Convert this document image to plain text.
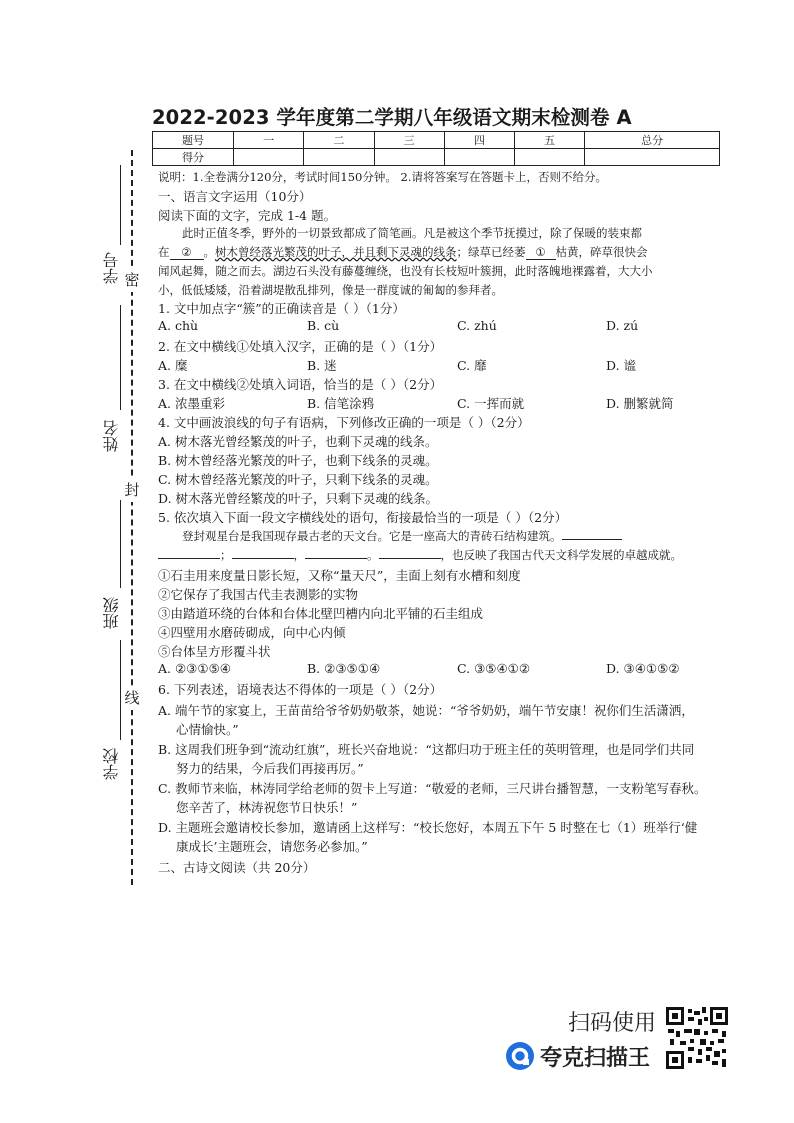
密
封
线
学号
姓名
班级
学校
2022-2023 学年度第二学期八年级语文期末检测卷 A
题号	一	二	三	四	五	总分
得分						
说明：1.全卷满分120分，考试时间150分钟。 2.请将答案写在答题卡上，否则不给分。
一、语言文字运用（10分）
阅读下面的文字，完成 1-4 题。
此时正值冬季，野外的一切景致都成了简笔画。凡是被这个季节抚摸过，除了保暖的装束都
在 ② 。树木曾经落光繁茂的叶子，并且剩下灵魂的线条；绿草已经萎 ① 枯黄，碎草很快会
闻风起舞，随之而去。湖边石头没有藤蔓缠绕，也没有长枝短叶簇拥，此时落魄地裸露着，大大小
小，低低矮矮，沿着湖堤散乱排列，像是一群度诚的匍匐的参拜者。
1. 文中加点字“簇”的正确读音是（ ）（1分）
A. chù	B. cù	C. zhú	D. zú
2. 在文中横线①处填入汉字，正确的是（ ）（1分）
A. 糜	B. 迷	C. 靡	D. 谧
3. 在文中横线②处填入词语，恰当的是（ ）（2分）
A. 浓墨重彩	B. 信笔涂鸦	C. 一挥而就	D. 删繁就简
4. 文中画波浪线的句子有语病，下列修改正确的一项是（ ）（2分）
A. 树木落光曾经繁茂的叶子，也剩下灵魂的线条。
B. 树木曾经落光繁茂的叶子，也剩下线条的灵魂。
C. 树木曾经落光繁茂的叶子，只剩下线条的灵魂。
D. 树木落光曾经繁茂的叶子，只剩下灵魂的线条。
5. 依次填入下面一段文字横线处的语句，衔接最恰当的一项是（ ）（2分）
登封观星台是我国现存最古老的天文台。它是一座高大的青砖石结构建筑。
；	，	。	，也反映了我国古代天文科学发展的卓越成就。
①石圭用来度量日影长短，又称“量天尺”，圭面上刻有水槽和刻度
②它保存了我国古代圭表测影的实物
③由踏道环绕的台体和台体北壁凹槽内向北平铺的石圭组成
④四壁用水磨砖砌成，向中心内倾
⑤台体呈方形覆斗状
A. ②③①⑤④	B. ②③⑤①④	C. ③⑤④①②	D. ③④①⑤②
6. 下列表述，语境表达不得体的一项是（ ）（2分）
A. 端午节的家宴上，王苗苗给爷爷奶奶敬茶，她说：“爷爷奶奶，端午节安康！祝你们生活潇洒，
心情愉快。”
B. 这周我们班争到“流动红旗”，班长兴奋地说：“这都归功于班主任的英明管理，也是同学们共同
努力的结果，今后我们再接再厉。”
C. 教师节来临，林涛同学给老师的贺卡上写道：“敬爱的老师，三尺讲台播智慧，一支粉笔写春秋。
您辛苦了，林涛祝您节日快乐！”
D. 主题班会邀请校长参加，邀请函上这样写：“校长您好，本周五下午 5 时整在七（1）班举行‘健
康成长’主题班会，请您务必参加。”
二、古诗文阅读（共 20分）
扫码使用
夸克扫描王
